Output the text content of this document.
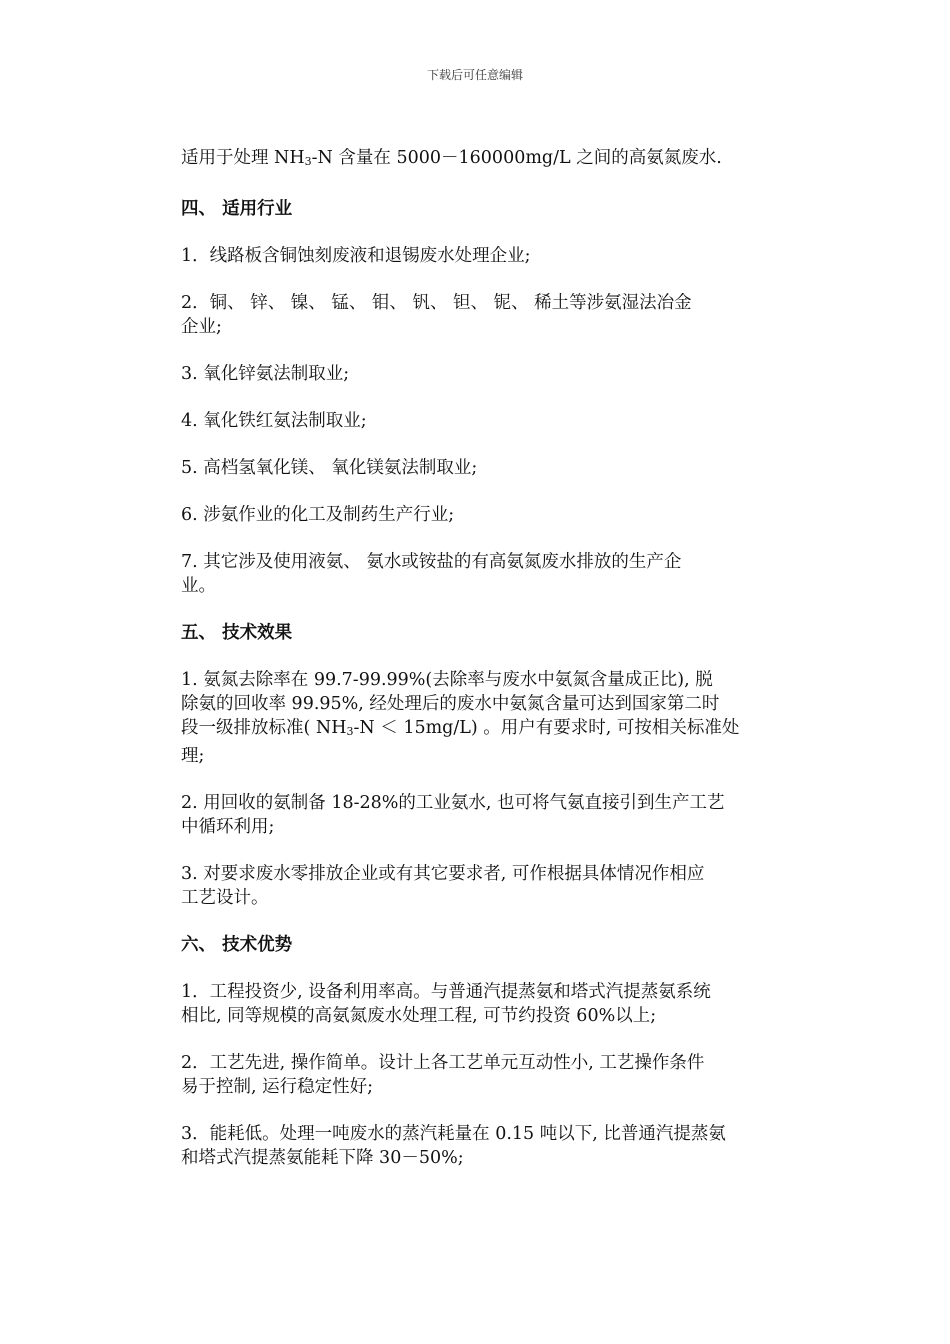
下载后可任意编辑
适用于处理 NH3-N 含量在 5000－160000mg/L 之间的高氨氮废水.
四、 适用行业
1．线路板含铜蚀刻废液和退锡废水处理企业;
2．铜、 锌、 镍、 锰、 钼、 钒、 钽、 铌、 稀土等涉氨湿法冶金
企业;
3. 氧化锌氨法制取业;
4. 氧化铁红氨法制取业;
5. 高档氢氧化镁、 氧化镁氨法制取业;
6. 涉氨作业的化工及制药生产行业;
7. 其它涉及使用液氨、 氨水或铵盐的有高氨氮废水排放的生产企
业。
五、 技术效果
1. 氨氮去除率在 99.7-99.99%(去除率与废水中氨氮含量成正比), 脱
除氨的回收率 99.95%, 经处理后的废水中氨氮含量可达到国家第二时
段一级排放标准( NH3-N ＜ 15mg/L) 。用户有要求时, 可按相关标准处
理;
2. 用回收的氨制备 18-28%的工业氨水, 也可将气氨直接引到生产工艺
中循环利用;
3. 对要求废水零排放企业或有其它要求者, 可作根据具体情况作相应
工艺设计。
六、 技术优势
1．工程投资少, 设备利用率高。与普通汽提蒸氨和塔式汽提蒸氨系统
相比, 同等规模的高氨氮废水处理工程, 可节约投资 60%以上;
2．工艺先进, 操作简单。设计上各工艺单元互动性小, 工艺操作条件
易于控制, 运行稳定性好;
3．能耗低。处理一吨废水的蒸汽耗量在 0.15 吨以下, 比普通汽提蒸氨
和塔式汽提蒸氨能耗下降 30－50%;
